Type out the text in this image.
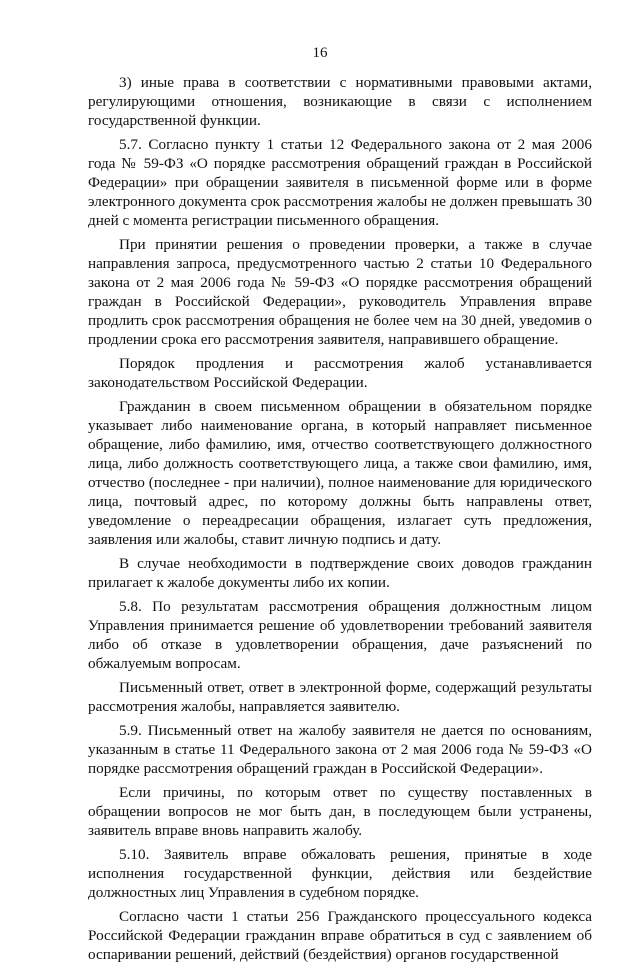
16

3) иные права в соответствии с нормативными правовыми актами, регулирующими отношения, возникающие в связи с исполнением государственной функции.

5.7. Согласно пункту 1 статьи 12 Федерального закона от 2 мая 2006 года № 59-ФЗ «О порядке рассмотрения обращений граждан в Российской Федерации» при обращении заявителя в письменной форме или в форме электронного документа срок рассмотрения жалобы не должен превышать 30 дней с момента регистрации письменного обращения.

При принятии решения о проведении проверки, а также в случае направления запроса, предусмотренного частью 2 статьи 10 Федерального закона от 2 мая 2006 года № 59-ФЗ «О порядке рассмотрения обращений граждан в Российской Федерации», руководитель Управления вправе продлить срок рассмотрения обращения не более чем на 30 дней, уведомив о продлении срока его рассмотрения заявителя, направившего обращение.

Порядок продления и рассмотрения жалоб устанавливается законодательством Российской Федерации.

Гражданин в своем письменном обращении в обязательном порядке указывает либо наименование органа, в который направляет письменное обращение, либо фамилию, имя, отчество соответствующего должностного лица, либо должность соответствующего лица, а также свои фамилию, имя, отчество (последнее - при наличии), полное наименование для юридического лица, почтовый адрес, по которому должны быть направлены ответ, уведомление о переадресации обращения, излагает суть предложения, заявления или жалобы, ставит личную подпись и дату.

В случае необходимости в подтверждение своих доводов гражданин прилагает к жалобе документы либо их копии.

5.8. По результатам рассмотрения обращения должностным лицом Управления принимается решение об удовлетворении требований заявителя либо об отказе в удовлетворении обращения, даче разъяснений по обжалуемым вопросам.

Письменный ответ, ответ в электронной форме, содержащий результаты рассмотрения жалобы, направляется заявителю.

5.9. Письменный ответ на жалобу заявителя не дается по основаниям, указанным в статье 11 Федерального закона от 2 мая 2006 года № 59-ФЗ «О порядке рассмотрения обращений граждан в Российской Федерации».

Если причины, по которым ответ по существу поставленных в обращении вопросов не мог быть дан, в последующем были устранены, заявитель вправе вновь направить жалобу.

5.10. Заявитель вправе обжаловать решения, принятые в ходе исполнения государственной функции, действия или бездействие должностных лиц Управления в судебном порядке.

Согласно части 1 статьи 256 Гражданского процессуального кодекса Российской Федерации гражданин вправе обратиться в суд с заявлением об оспаривании решений, действий (бездействия) органов государственной
